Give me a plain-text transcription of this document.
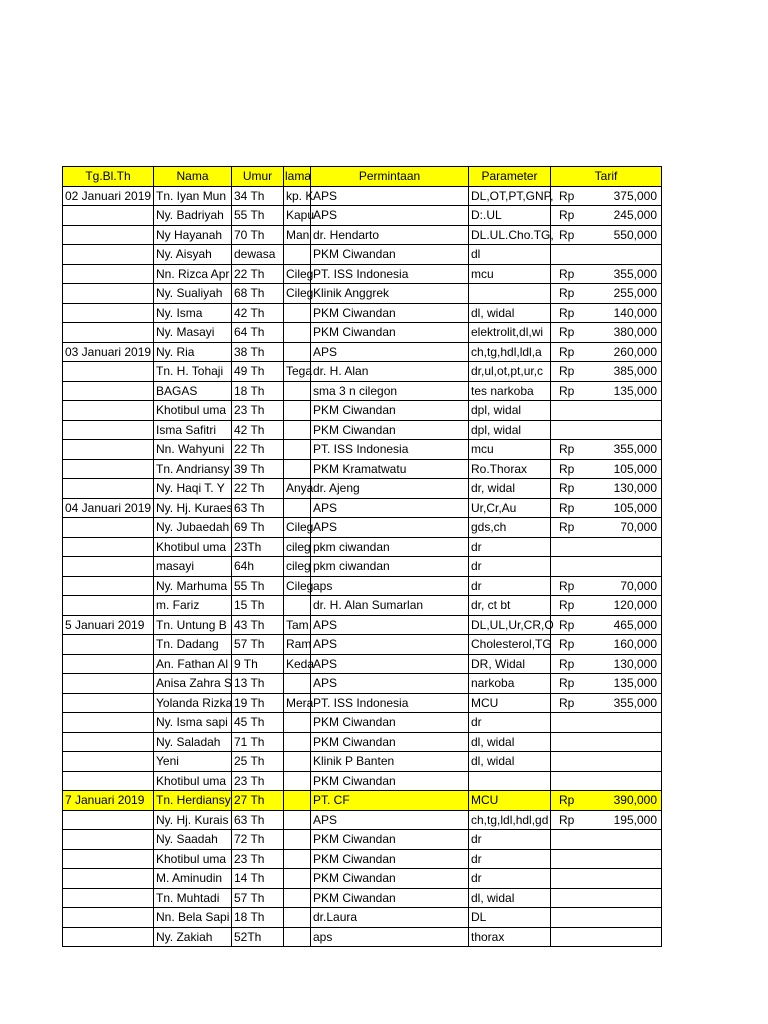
Tg.Bl.Th	Nama	Umur	lama	Permintaan	Parameter	Tarif	
02 Januari 2019	Tn. Iyan Mun	34 Th	kp. K	APS	DL,OT,PT,GNP,	Rp	375,000
	Ny. Badriyah	55 Th	Kapu	APS	D:.UL	Rp	245,000
	Ny Hayanah	70 Th	Man	dr. Hendarto	DL.UL.Cho.TG,	Rp	550,000
	Ny. Aisyah	dewasa		PKM Ciwandan	dl		
	Nn. Rizca Apr	22 Th	Cileg	PT. ISS Indonesia	mcu	Rp	355,000
	Ny. Sualiyah	68 Th	Cileg	Klinik Anggrek		Rp	255,000
	Ny. Isma	42 Th		PKM Ciwandan	dl, widal	Rp	140,000
	Ny. Masayi	64 Th		PKM Ciwandan	elektrolit,dl,wi	Rp	380,000
03 Januari 2019	Ny. Ria	38 Th		APS	ch,tg,hdl,ldl,a	Rp	260,000
	Tn. H. Tohaji	49 Th	Tega	dr. H. Alan	dr,ul,ot,pt,ur,c	Rp	385,000
	BAGAS	18 Th		sma 3 n cilegon	tes narkoba	Rp	135,000
	Khotibul uma	23 Th		PKM Ciwandan	dpl, widal		
	Isma Safitri	42 Th		PKM Ciwandan	dpl, widal		
	Nn. Wahyuni	22 Th		PT. ISS Indonesia	mcu	Rp	355,000
	Tn. Andriansy	39 Th		PKM Kramatwatu	Ro.Thorax	Rp	105,000
	Ny. Haqi T. Y	22 Th	Anya	dr. Ajeng	dr, widal	Rp	130,000
04 Januari 2019	Ny. Hj. Kuraes	63 Th		APS	Ur,Cr,Au	Rp	105,000
	Ny. Jubaedah	69 Th	Cileg	APS	gds,ch	Rp	70,000
	Khotibul uma	23Th	cileg	pkm ciwandan	dr		
	masayi	64h	cileg	pkm ciwandan	dr		
	Ny. Marhuma	55 Th	Cileg	aps	dr	Rp	70,000
	m. Fariz	15 Th		dr. H. Alan Sumarlan	dr, ct bt	Rp	120,000
5 Januari 2019	Tn. Untung B	43 Th	Tam	APS	DL,UL,Ur,CR,O	Rp	465,000
	Tn. Dadang	57 Th	Ram	APS	Cholesterol,TG	Rp	160,000
	An. Fathan Al	9 Th	Keda	APS	DR, Widal	Rp	130,000
	Anisa Zahra S	13 Th		APS	narkoba	Rp	135,000
	Yolanda Rizka	19 Th	Mera	PT. ISS Indonesia	MCU	Rp	355,000
	Ny. Isma sapi	45 Th		PKM Ciwandan	dr		
	Ny. Saladah	71 Th		PKM Ciwandan	dl, widal		
	Yeni	25 Th		Klinik P Banten	dl, widal		
	Khotibul uma	23 Th		PKM Ciwandan			
7 Januari 2019	Tn. Herdiansy	27 Th		PT. CF	MCU	Rp	390,000
	Ny. Hj. Kurais	63 Th		APS	ch,tg,ldl,hdl,gd	Rp	195,000
	Ny. Saadah	72 Th		PKM Ciwandan	dr		
	Khotibul uma	23 Th		PKM Ciwandan	dr		
	M. Aminudin	14 Th		PKM Ciwandan	dr		
	Tn. Muhtadi	57 Th		PKM Ciwandan	dl, widal		
	Nn. Bela Sapi	18 Th		dr.Laura	DL		
	Ny. Zakiah	52Th		aps	thorax		
